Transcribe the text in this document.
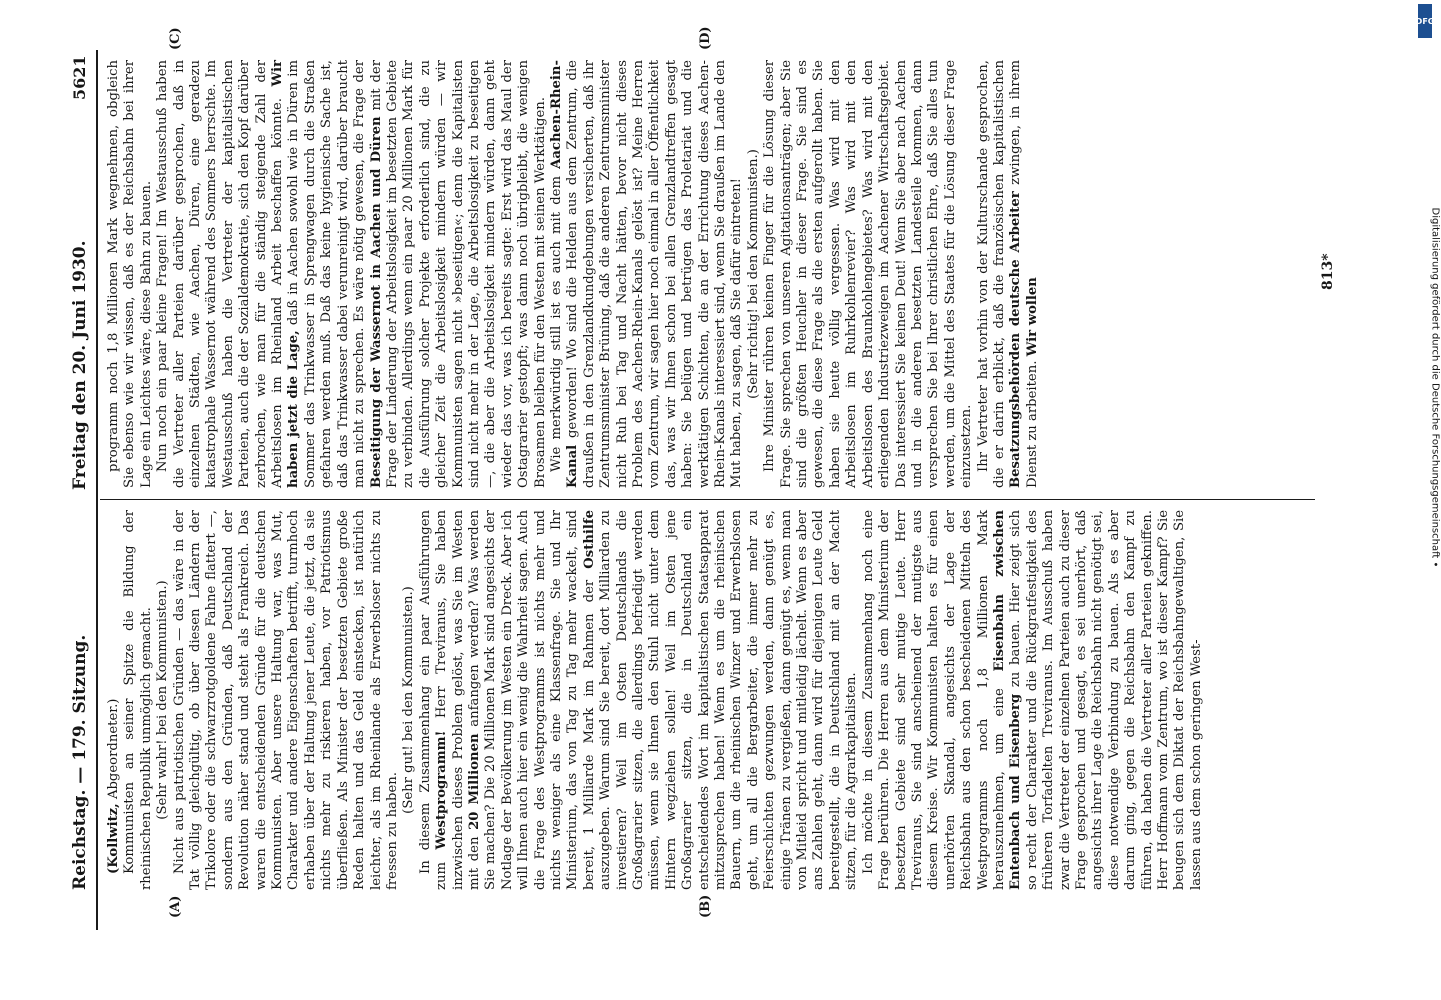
Reichstag. — 179. Sitzung.
Freitag den 20. Juni 1930.
5621
(A)	(B)
(C)	(D)

(Kollwitz, Abgeordneter.) Kommunisten an seiner Spitze die Bildung der rheinischen Republik unmöglich gemacht. (Sehr wahr! bei den Kommunisten.) Nicht aus patriotischen Gründen — das wäre in der Tat völlig gleichgültig, ob über diesen Ländern der Trikolore oder die schwarzrotgoldene Fahne flattert —, sondern aus den Gründen, daß Deutschland der Revolution näher stand und steht als Frankreich. Das waren die entscheidenden Gründe für die deutschen Kommunisten. Aber unsere Haltung war, was Mut, Charakter und andere Eigenschaften betrifft, turmhoch erhaben über der Haltung jener Leute, die jetzt, da sie nichts mehr zu riskieren haben, vor Patriotismus überfließen. Als Minister der besetzten Gebiete große Reden halten und das Geld einstecken, ist natürlich leichter, als im Rheinlande als Erwerbsloser nichts zu fressen zu haben.

(Sehr gut! bei den Kommunisten.) In diesem Zusammenhang ein paar Ausführungen zum Westprogramm! Herr Treviranus, Sie haben inzwischen dieses Problem gelöst, was Sie im Westen mit den 20 Millionen anfangen werden? Was werden Sie machen? Die 20 Millionen Mark sind angesichts der Notlage der Bevölkerung im Westen ein Dreck. Aber ich will Ihnen auch hier ein wenig die Wahrheit sagen. Auch die Frage des Westprogramms ist nichts mehr und nichts weniger als eine Klassenfrage. Sie und Ihr Ministerium, das von Tag zu Tag mehr wackelt, sind bereit, 1 Milliarde Mark im Rahmen der Osthilfe auszugeben. Warum sind Sie bereit, dort Milliarden zu investieren? Weil im Osten Deutschlands die Großagrarier sitzen, die allerdings befriedigt werden müssen, wenn sie Ihnen den Stuhl nicht unter dem Hintern wegziehen sollen! Weil im Osten jene Großagrarier sitzen, die in Deutschland ein entscheidendes Wort im kapitalistischen Staatsapparat mitzusprechen haben! Wenn es um die rheinischen Bauern, um die rheinischen Winzer und Erwerbslosen geht, um all die Bergarbeiter, die immer mehr zu Feierschichten gezwungen werden, dann genügt es, einige Tränen zu vergießen, dann genügt es, wenn man von Mitleid spricht und mitleidig lächelt. Wenn es aber ans Zahlen geht, dann wird für diejenigen Leute Geld bereitgestellt, die in Deutschland mit an der Macht sitzen, für die Agrarkapitalisten. Ich möchte in diesem Zusammenhang noch eine Frage berühren. Die Herren aus dem Ministerium der besetzten Gebiete sind sehr mutige Leute. Herr Treviranus, Sie sind anscheinend der mutigste aus diesem Kreise. Wir Kommunisten halten es für einen unerhörten Skandal, angesichts der Lage der Reichsbahn aus den schon bescheidenen Mitteln des Westprogramms noch 1,8 Millionen Mark herauszunehmen, um eine Eisenbahn zwischen Entenbach und Eisenberg zu bauen. Hier zeigt sich so recht der Charakter und die Rückgratfestigkeit des früheren Torfadelten Treviranus. Im Ausschuß haben zwar die Vertreter der einzelnen Parteien auch zu dieser Frage gesprochen und gesagt, es sei unerhört, daß angesichts ihrer Lage die Reichsbahn nicht genötigt sei, diese notwendige Verbindung zu bauen. Als es aber darum ging, gegen die Reichsbahn den Kampf zu führen, da haben die Vertreter aller Parteien gekniffen. Herr Hoffmann vom Zentrum, wo ist dieser Kampf? Sie beugen sich dem Diktat der Reichsbahngewaltigen, Sie lassen aus dem schon geringen West-

programm noch 1,8 Millionen Mark wegnehmen, obgleich Sie ebenso wie wir wissen, daß es der Reichsbahn bei ihrer Lage ein Leichtes wäre, diese Bahn zu bauen. Nun noch ein paar kleine Fragen! Im Westausschuß haben die Vertreter aller Parteien darüber gesprochen, daß in einzelnen Städten, wie Aachen, Düren, eine geradezu katastrophale Wassernot während des Sommers herrschte. Im Westausschuß haben die Vertreter der kapitalistischen Parteien, auch die der Sozialdemokratie, sich den Kopf darüber zerbrochen, wie man für die ständig steigende Zahl der Arbeitslosen im Rheinland Arbeit beschaffen könnte. Wir haben jetzt die Lage, daß in Aachen sowohl wie in Düren im Sommer das Trinkwasser in Sprengwagen durch die Straßen gefahren werden muß. Daß das keine hygienische Sache ist, daß das Trinkwasser dabei verunreinigt wird, darüber braucht man nicht zu sprechen. Es wäre nötig gewesen, die Frage der Beseitigung der Wassernot in Aachen und Düren mit der Frage der Linderung der Arbeitslosigkeit im besetzten Gebiete zu verbinden. Allerdings wenn ein paar 20 Millionen Mark für die Ausführung solcher Projekte erforderlich sind, die zu gleicher Zeit die Arbeitslosigkeit mindern würden — wir Kommunisten sagen nicht »beseitigen«; denn die Kapitalisten sind nicht mehr in der Lage, die Arbeitslosigkeit zu beseitigen —, die aber die Arbeitslosigkeit mindern würden, dann geht wieder das vor, was ich bereits sagte: Erst wird das Maul der Ostagrarier gestopft; was dann noch übrigbleibt, die wenigen Brosamen bleiben für den Westen mit seinen Werktätigen. Wie merkwürdig still ist es auch mit dem Aachen-Rhein-Kanal geworden! Wo sind die Helden aus dem Zentrum, die draußen in den Grenzlandkundgebungen versicherten, daß ihr Zentrumsminister Brüning, daß die anderen Zentrumsminister nicht Ruh bei Tag und Nacht hätten, bevor nicht dieses Problem des Aachen-Rhein-Kanals gelöst ist? Meine Herren vom Zentrum, wir sagen hier noch einmal in aller Öffentlichkeit das, was wir Ihnen schon bei allen Grenzlandtreffen gesagt haben: Sie belügen und betrügen das Proletariat und die werktätigen Schichten, die an der Errichtung dieses Aachen-Rhein-Kanals interessiert sind, wenn Sie draußen im Lande den Mut haben, zu sagen, daß Sie dafür eintreten! (Sehr richtig! bei den Kommunisten.) Ihre Minister rühren keinen Finger für die Lösung dieser Frage. Sie sprechen von unseren Agitationsanträgen; aber Sie sind die größten Heuchler in dieser Frage. Sie sind es gewesen, die diese Frage als die ersten aufgerollt haben. Sie haben sie heute völlig vergessen. Was wird mit den Arbeitslosen im Ruhrkohlenrevier? Was wird mit den Arbeitslosen des Braunkohlengebietes? Was wird mit den erliegenden Industriezweigen im Aachener Wirtschaftsgebiet. Das interessiert Sie keinen Deut! Wenn Sie aber nach Aachen und in die anderen besetzten Landesteile kommen, dann versprechen Sie bei Ihrer christlichen Ehre, daß Sie alles tun werden, um die Mittel des Staates für die Lösung dieser Frage einzusetzen. Ihr Vertreter hat vorhin von der Kulturschande gesprochen, die er darin erblickt, daß die französischen kapitalistischen Besatzungsbehörden deutsche Arbeiter zwingen, in ihrem Dienst zu arbeiten. Wir wollen

813*	Digitalisierung gefördert durch die Deutsche Forschungsgemeinschaft •
DFG
